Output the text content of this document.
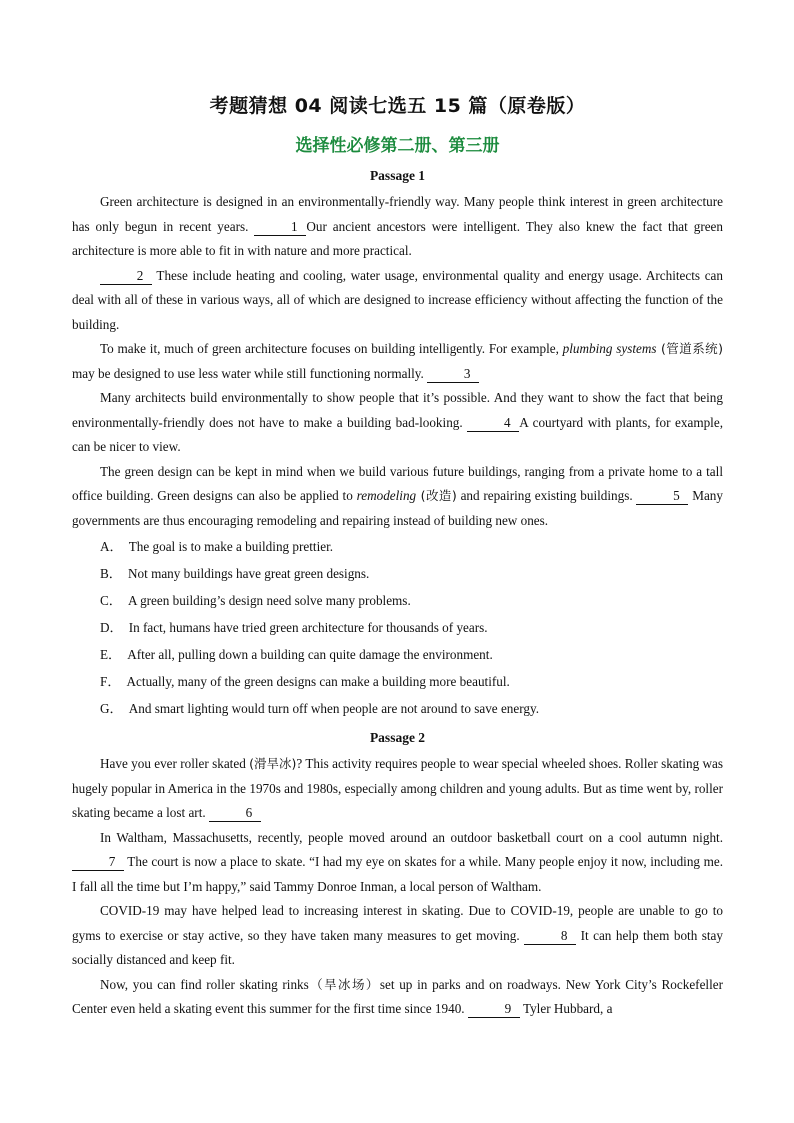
考题猜想 04 阅读七选五 15 篇（原卷版）
选择性必修第二册、第三册
Passage 1

Green architecture is designed in an environmentally-friendly way. Many people think interest in green architecture has only begun in recent years.	1 Our ancient ancestors were intelligent. They also knew the fact that green architecture is more able to fit in with nature and more practical.

2 These include heating and cooling, water usage, environmental quality and energy usage. Architects can deal with all of these in various ways, all of which are designed to increase efficiency without affecting the function of the building.

To make it, much of green architecture focuses on building intelligently. For example, plumbing systems (管道系统) may be designed to use less water while still functioning normally.	3

Many architects build environmentally to show people that it’s possible. And they want to show the fact that being environmentally-friendly does not have to make a building bad-looking.	4 A courtyard with plants, for example, can be nicer to view.

The green design can be kept in mind when we build various future buildings, ranging from a private home to a tall office building. Green designs can also be applied to remodeling (改造) and repairing existing buildings.	5 Many governments are thus encouraging remodeling and repairing instead of building new ones.

A． The goal is to make a building prettier.
B． Not many buildings have great green designs.
C． A green building’s design need solve many problems.
D． In fact, humans have tried green architecture for thousands of years.
E． After all, pulling down a building can quite damage the environment.
F． Actually, many of the green designs can make a building more beautiful.
G． And smart lighting would turn off when people are not around to save energy.
Passage 2

Have you ever roller skated (滑旱冰)? This activity requires people to wear special wheeled shoes. Roller skating was hugely popular in America in the 1970s and 1980s, especially among children and young adults. But as time went by, roller skating became a lost art.	6

In Waltham, Massachusetts, recently, people moved around an outdoor basketball court on a cool autumn night. 7 The court is now a place to skate. “I had my eye on skates for a while. Many people enjoy it now, including me. I fall all the time but I’m happy,” said Tammy Donroe Inman, a local person of Waltham.

COVID-19 may have helped lead to increasing interest in skating. Due to COVID-19, people are unable to go to gyms to exercise or stay active, so they have taken many measures to get moving.	8 It can help them both stay socially distanced and keep fit.

Now, you can find roller skating rinks（旱冰场）set up in parks and on roadways. New York City’s Rockefeller Center even held a skating event this summer for the first time since 1940.	9 Tyler Hubbard, a
